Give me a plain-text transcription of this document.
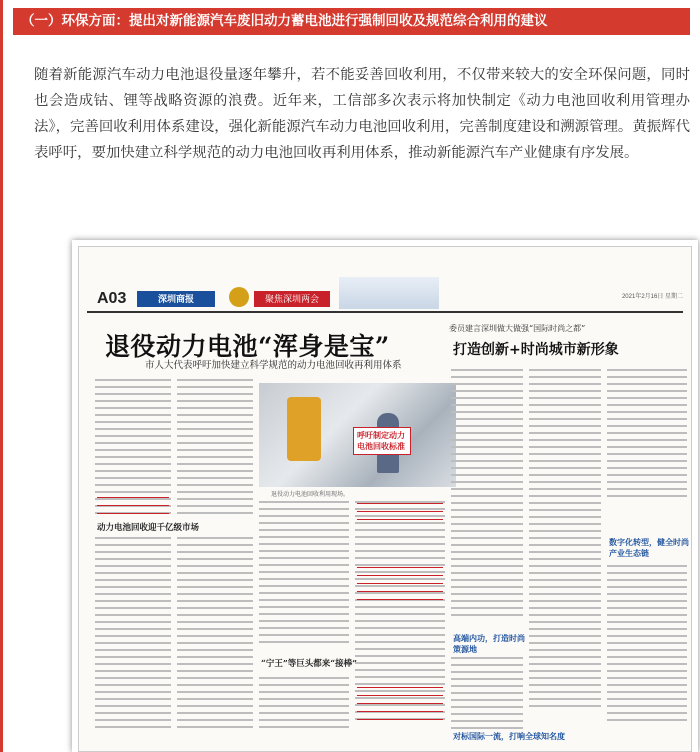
（一）环保方面：提出对新能源汽车废旧动力蓄电池进行强制回收及规范综合利用的建议
随着新能源汽车动力电池退役量逐年攀升，若不能妥善回收利用，不仅带来较大的安全环保问题，同时也会造成钴、锂等战略资源的浪费。近年来，工信部多次表示将加快制定《动力电池回收利用管理办法》，完善回收利用体系建设，强化新能源汽车动力电池回收利用，完善制度建设和溯源管理。黄振辉代表呼吁，要加快建立科学规范的动力电池回收再利用体系，推动新能源汽车产业健康有序发展。
A03	深圳商报	聚焦深圳两会	2021年2月16日 星期二
退役动力电池“浑身是宝”
市人大代表呼吁加快建立科学规范的动力电池回收再利用体系
委员建言深圳做大做强“国际时尚之都”
打造创新+时尚城市新形象
退役动力电池回收利用现场。
呼吁制定动力电池回收标准
动力电池回收迎千亿级市场
“宁王”等巨头都来“接棒”
高端内功，打造时尚策源地
对标国际一流，打响全球知名度
数字化转型，健全时尚产业生态链
